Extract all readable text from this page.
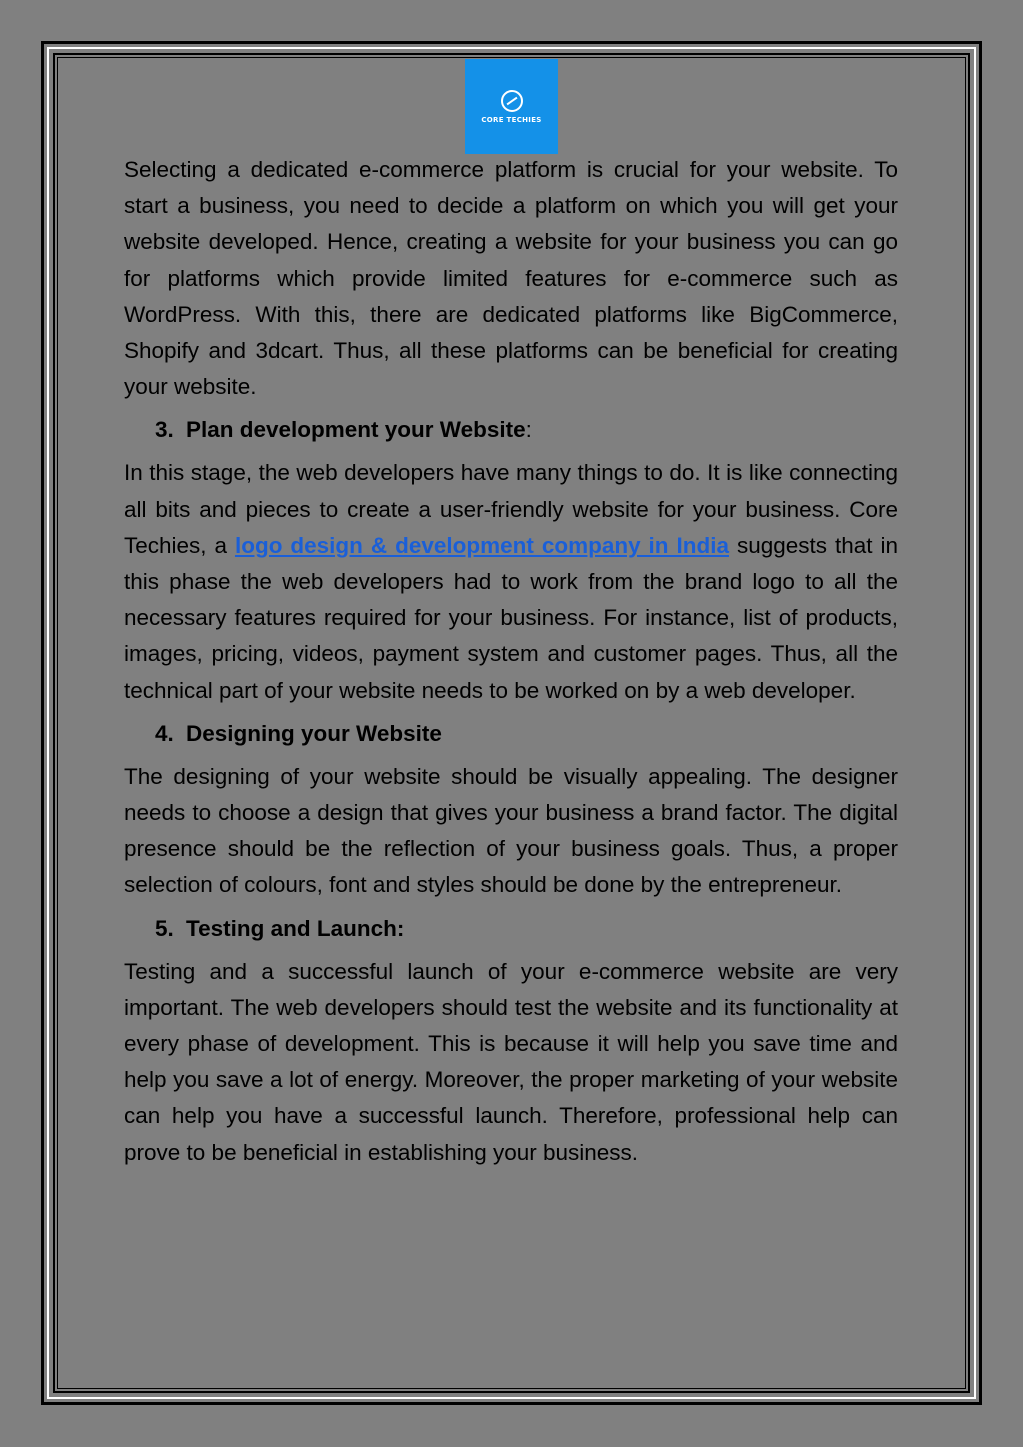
CORE TECHIES

Selecting a dedicated e-commerce platform is crucial for your website. To start a business, you need to decide a platform on which you will get your website developed. Hence, creating a website for your business you can go for platforms which provide limited features for e-commerce such as WordPress. With this, there are dedicated platforms like BigCommerce, Shopify and 3dcart. Thus, all these platforms can be beneficial for creating your website.

3. Plan development your Website:

In this stage, the web developers have many things to do. It is like connecting all bits and pieces to create a user-friendly website for your business. Core Techies, a logo design & development company in India suggests that in this phase the web developers had to work from the brand logo to all the necessary features required for your business. For instance, list of products, images, pricing, videos, payment system and customer pages. Thus, all the technical part of your website needs to be worked on by a web developer.

4. Designing your Website

The designing of your website should be visually appealing. The designer needs to choose a design that gives your business a brand factor. The digital presence should be the reflection of your business goals. Thus, a proper selection of colours, font and styles should be done by the entrepreneur.

5. Testing and Launch:

Testing and a successful launch of your e-commerce website are very important. The web developers should test the website and its functionality at every phase of development. This is because it will help you save time and help you save a lot of energy. Moreover, the proper marketing of your website can help you have a successful launch. Therefore, professional help can prove to be beneficial in establishing your business.
